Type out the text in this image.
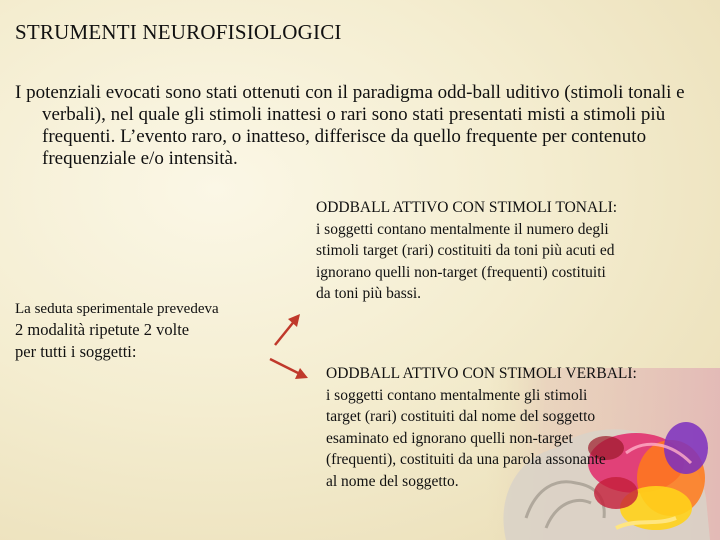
STRUMENTI NEUROFISIOLOGICI

I potenziali evocati sono stati ottenuti con il paradigma odd-ball uditivo (stimoli tonali e verbali), nel quale gli stimoli inattesi o rari sono stati presentati misti a stimoli più frequenti. L’evento raro, o inatteso, differisce da quello frequente per contenuto frequenziale e/o intensità.

ODDBALL ATTIVO CON STIMOLI TONALI:
i soggetti contano mentalmente il numero degli
stimoli target (rari) costituiti da toni più acuti ed
ignorano quelli non-target (frequenti) costituiti
da toni più bassi.
La seduta sperimentale prevedeva
2 modalità ripetute 2 volte
per tutti i soggetti:
ODDBALL ATTIVO CON STIMOLI VERBALI:
i soggetti contano mentalmente gli stimoli
target (rari) costituiti dal nome del soggetto
esaminato ed ignorano quelli non-target
(frequenti), costituiti da una parola assonante
al nome del soggetto.
